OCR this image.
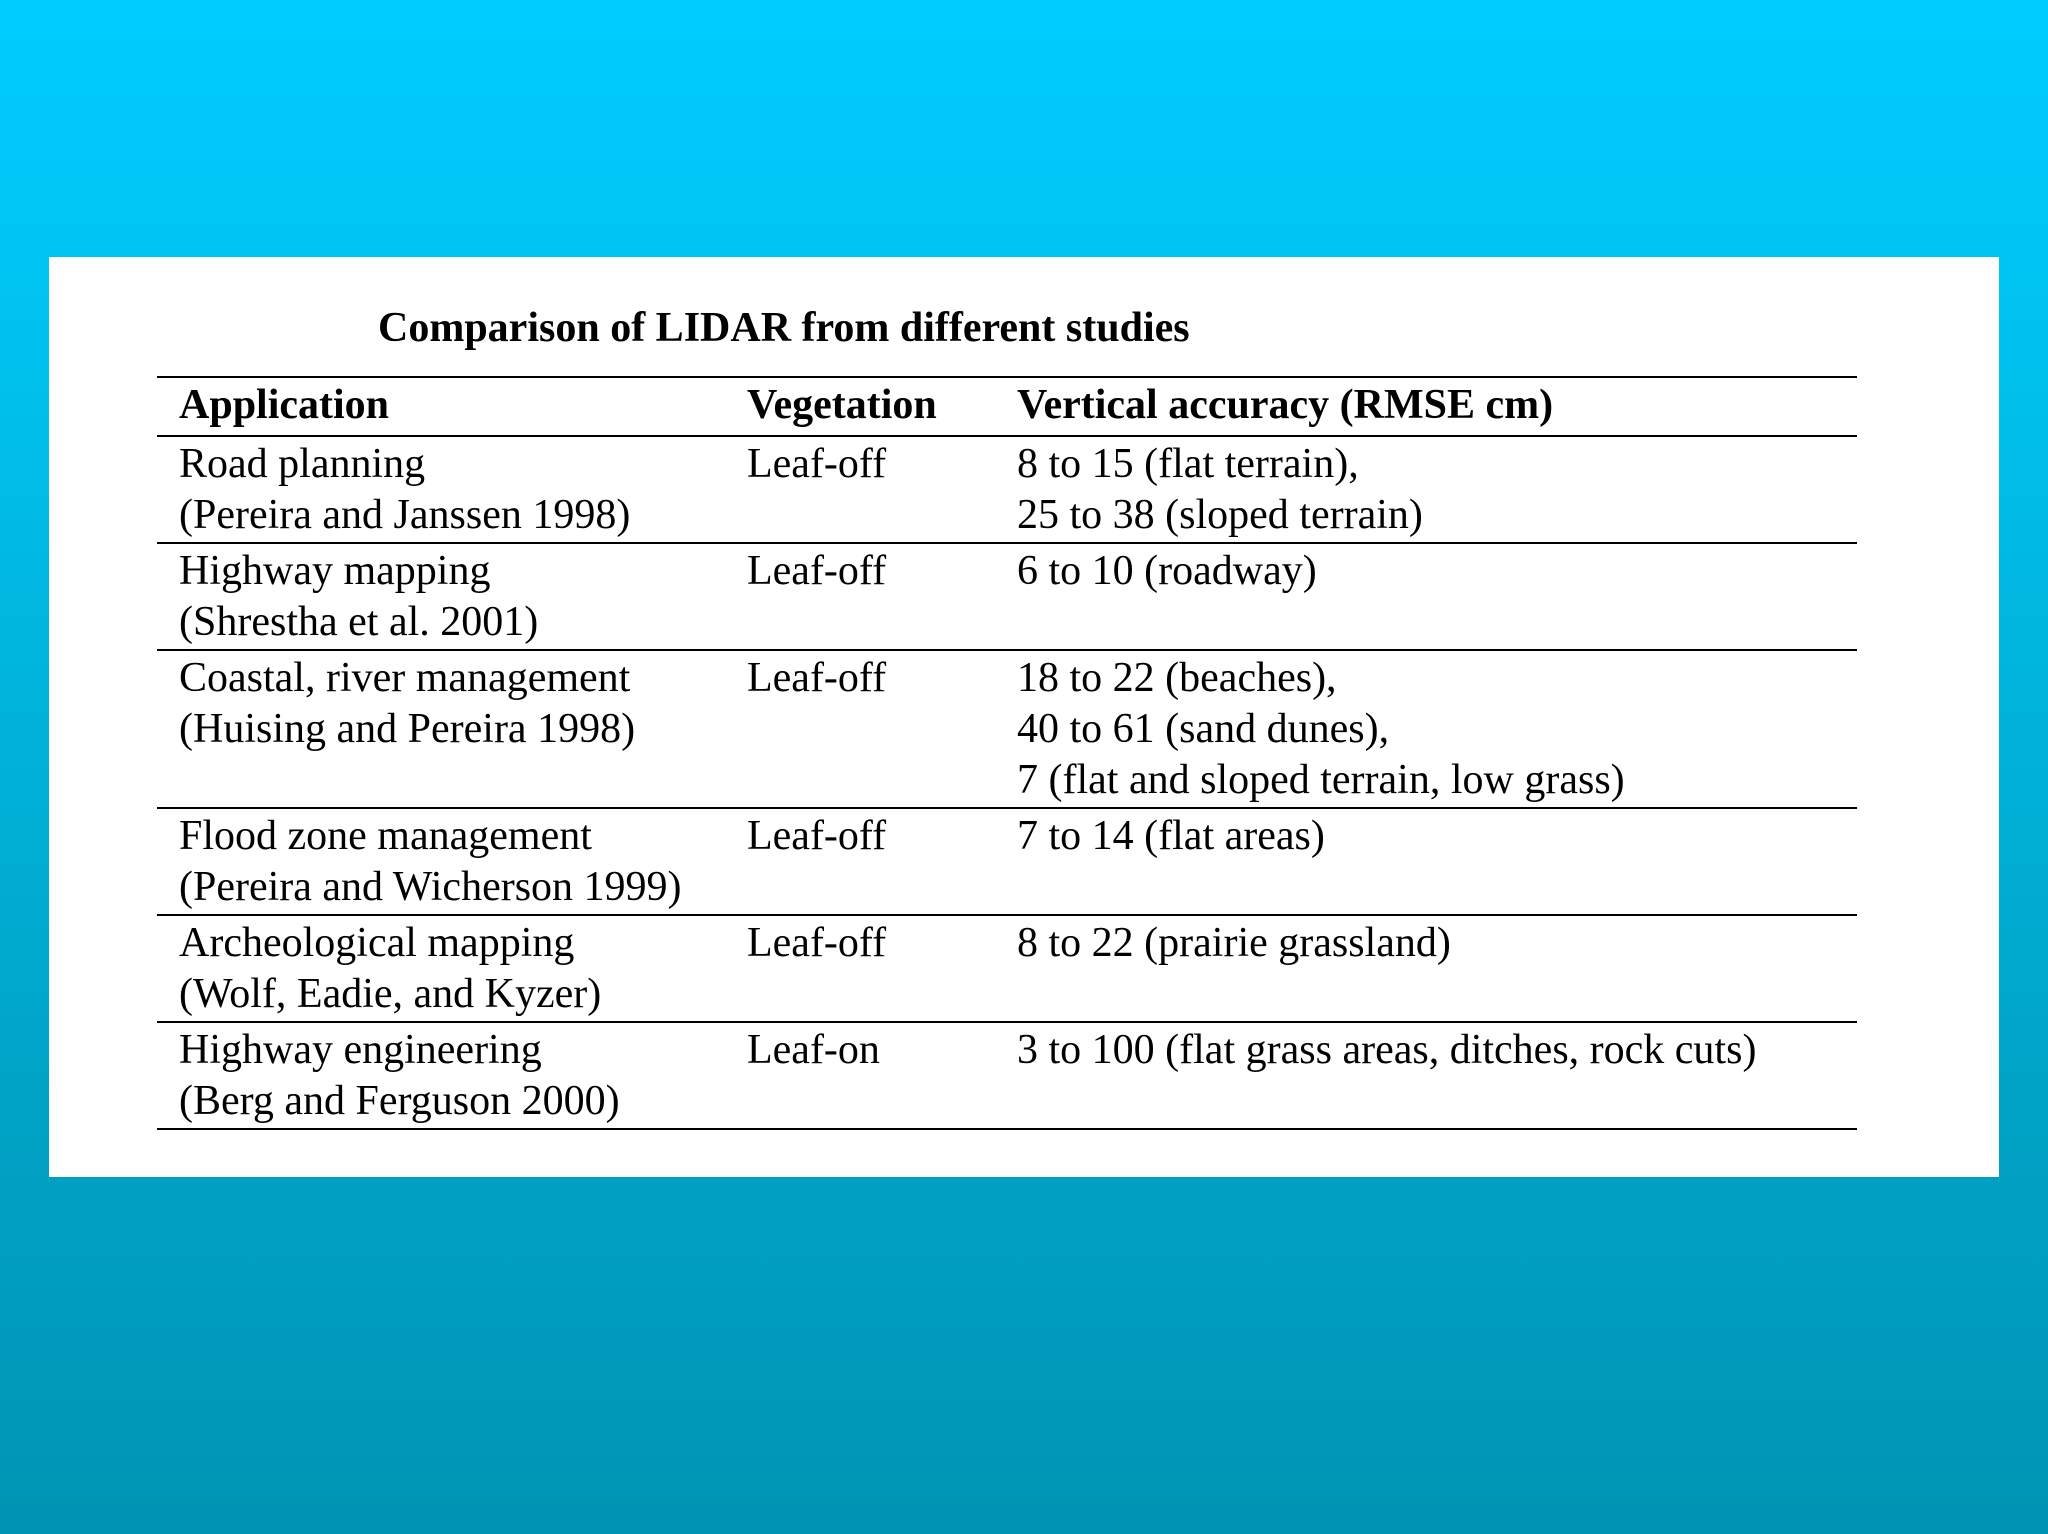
Comparison of LIDAR from different studies
Application	Vegetation	Vertical accuracy (RMSE cm)

Road planning
(Pereira and Janssen 1998)	Leaf-off	8 to 15 (flat terrain),
25 to 38 (sloped terrain)

Highway mapping
(Shrestha et al. 2001)	Leaf-off	6 to 10 (roadway)

Coastal, river management
(Huising and Pereira 1998)	Leaf-off	18 to 22 (beaches),
40 to 61 (sand dunes),
7 (flat and sloped terrain, low grass)

Flood zone management
(Pereira and Wicherson 1999)	Leaf-off	7 to 14 (flat areas)

Archeological mapping
(Wolf, Eadie, and Kyzer)	Leaf-off	8 to 22 (prairie grassland)

Highway engineering
(Berg and Ferguson 2000)	Leaf-on	3 to 100 (flat grass areas, ditches, rock cuts)
